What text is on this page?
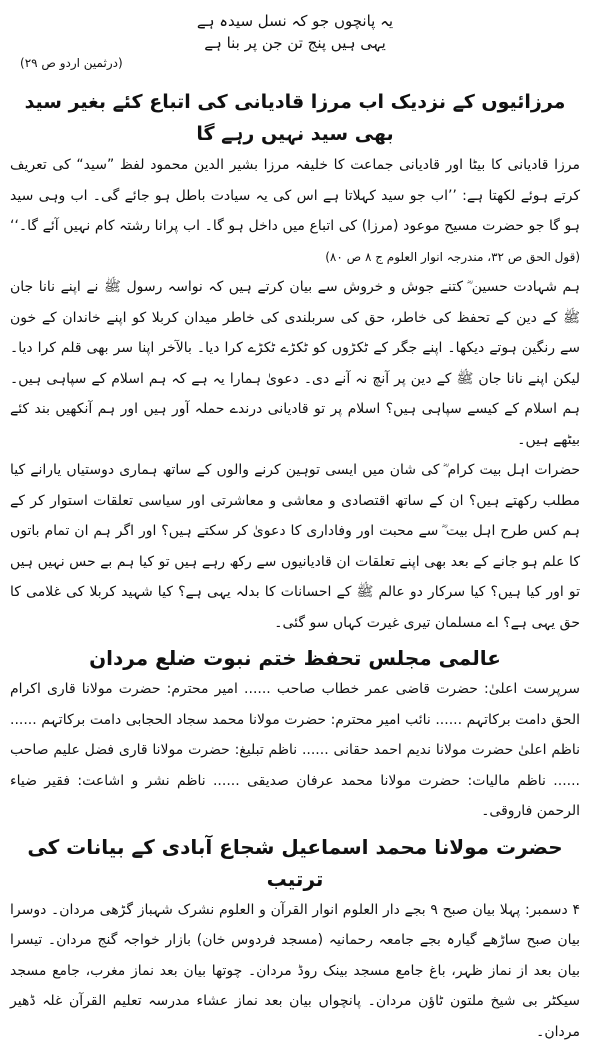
یہ پانچوں جو کہ نسل سیدہ ہے
یہی ہیں پنج تن جن پر بنا ہے
(درثمین اردو ص ۲۹)
مرزائیوں کے نزدیک اب مرزا قادیانی کی اتباع کئے بغیر سید بھی سید نہیں رہے گا

مرزا قادیانی کا بیٹا اور قادیانی جماعت کا خلیفہ مرزا بشیر الدین محمود لفظ ”سید“ کی تعریف کرتے ہوئے لکھتا ہے: ’’اب جو سید کہلاتا ہے اس کی یہ سیادت باطل ہو جائے گی۔ اب وہی سید ہو گا جو حضرت مسیح موعود (مرزا) کی اتباع میں داخل ہو گا۔ اب پرانا رشتہ کام نہیں آئے گا۔‘‘ (قول الحق ص ۳۲، مندرجہ انوار العلوم ج ۸ ص ۸۰)

ہم شہادت حسین ؓ کتنے جوش و خروش سے بیان کرتے ہیں کہ نواسہ رسول ﷺ نے اپنے نانا جان ﷺ کے دین کے تحفظ کی خاطر، حق کی سربلندی کی خاطر میدان کربلا کو اپنے خاندان کے خون سے رنگین ہوتے دیکھا۔ اپنے جگر کے ٹکڑوں کو ٹکڑے ٹکڑے کرا دیا۔ بالآخر اپنا سر بھی قلم کرا دیا۔ لیکن اپنے نانا جان ﷺ کے دین پر آنچ نہ آنے دی۔ دعویٰ ہمارا یہ ہے کہ ہم اسلام کے سپاہی ہیں۔ ہم اسلام کے کیسے سپاہی ہیں؟ اسلام پر تو قادیانی درندے حملہ آور ہیں اور ہم آنکھیں بند کئے بیٹھے ہیں۔

حضرات اہل بیت کرام ؓ کی شان میں ایسی توہین کرنے والوں کے ساتھ ہماری دوستیاں یارانے کیا مطلب رکھتے ہیں؟ ان کے ساتھ اقتصادی و معاشی و معاشرتی اور سیاسی تعلقات استوار کر کے ہم کس طرح اہل بیت ؓ سے محبت اور وفاداری کا دعویٰ کر سکتے ہیں؟ اور اگر ہم ان تمام باتوں کا علم ہو جانے کے بعد بھی اپنے تعلقات ان قادیانیوں سے رکھ رہے ہیں تو کیا ہم بے حس نہیں ہیں تو اور کیا ہیں؟ کیا سرکار دو عالم ﷺ کے احسانات کا بدلہ یہی ہے؟ کیا شہید کربلا کی غلامی کا حق یہی ہے؟ اے مسلمان تیری غیرت کہاں سو گئی۔

عالمی مجلس تحفظ ختم نبوت ضلع مردان

سرپرست اعلیٰ: حضرت قاضی عمر خطاب صاحب ...... امیر محترم: حضرت مولانا قاری اکرام الحق دامت برکاتہم ...... نائب امیر محترم: حضرت مولانا محمد سجاد الحجابی دامت برکاتہم ...... ناظم اعلیٰ حضرت مولانا ندیم احمد حقانی ...... ناظم تبلیغ: حضرت مولانا قاری فضل علیم صاحب ...... ناظم مالیات: حضرت مولانا محمد عرفان صدیقی ...... ناظم نشر و اشاعت: فقیر ضیاء الرحمن فاروقی۔

حضرت مولانا محمد اسماعیل شجاع آبادی کے بیانات کی ترتیب

۴ دسمبر: پہلا بیان صبح ۹ بجے دار العلوم انوار القرآن و العلوم نشرک شہباز گڑھی مردان۔ دوسرا بیان صبح ساڑھے گیارہ بجے جامعہ رحمانیہ (مسجد فردوس خان) بازار خواجہ گنج مردان۔ تیسرا بیان بعد از نماز ظہر، باغ جامع مسجد بینک روڈ مردان۔ چوتھا بیان بعد نماز مغرب، جامع مسجد سیکٹر بی شیخ ملتون ٹاؤن مردان۔ پانچواں بیان بعد نماز عشاء مدرسہ تعلیم القرآن غلہ ڈھیر مردان۔
